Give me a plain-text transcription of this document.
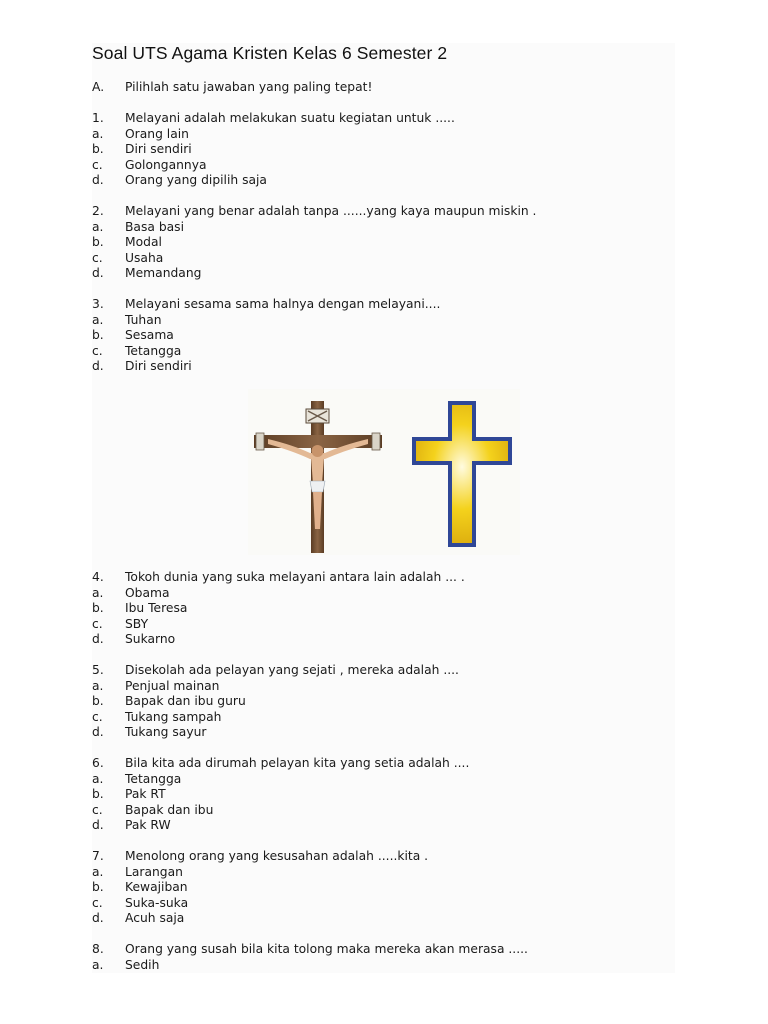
Soal UTS Agama Kristen Kelas 6 Semester 2
A.	Pilihlah satu jawaban yang paling tepat!
1.	Melayani adalah melakukan suatu kegiatan untuk .....
a.	Orang lain
b.	Diri sendiri
c.	Golongannya
d.	Orang yang dipilih saja
2.	Melayani yang benar adalah tanpa ......yang kaya maupun miskin .
a.	Basa basi
b.	Modal
c.	Usaha
d.	Memandang
3.	Melayani sesama sama halnya dengan melayani....
a.	Tuhan
b.	Sesama
c.	Tetangga
d.	Diri sendiri
4.	Tokoh dunia yang suka melayani antara lain adalah ... .
a.	Obama
b.	Ibu Teresa
c.	SBY
d.	Sukarno
5.	Disekolah ada pelayan yang sejati , mereka adalah ....
a.	Penjual mainan
b.	Bapak dan ibu guru
c.	Tukang sampah
d.	Tukang sayur
6.	Bila kita ada dirumah pelayan kita yang setia adalah ....
a.	Tetangga
b.	Pak RT
c.	Bapak dan ibu
d.	Pak RW
7.	Menolong orang yang kesusahan adalah .....kita .
a.	Larangan
b.	Kewajiban
c.	Suka-suka
d.	Acuh saja
8.	Orang yang susah bila kita tolong maka mereka akan merasa .....
a.	Sedih
